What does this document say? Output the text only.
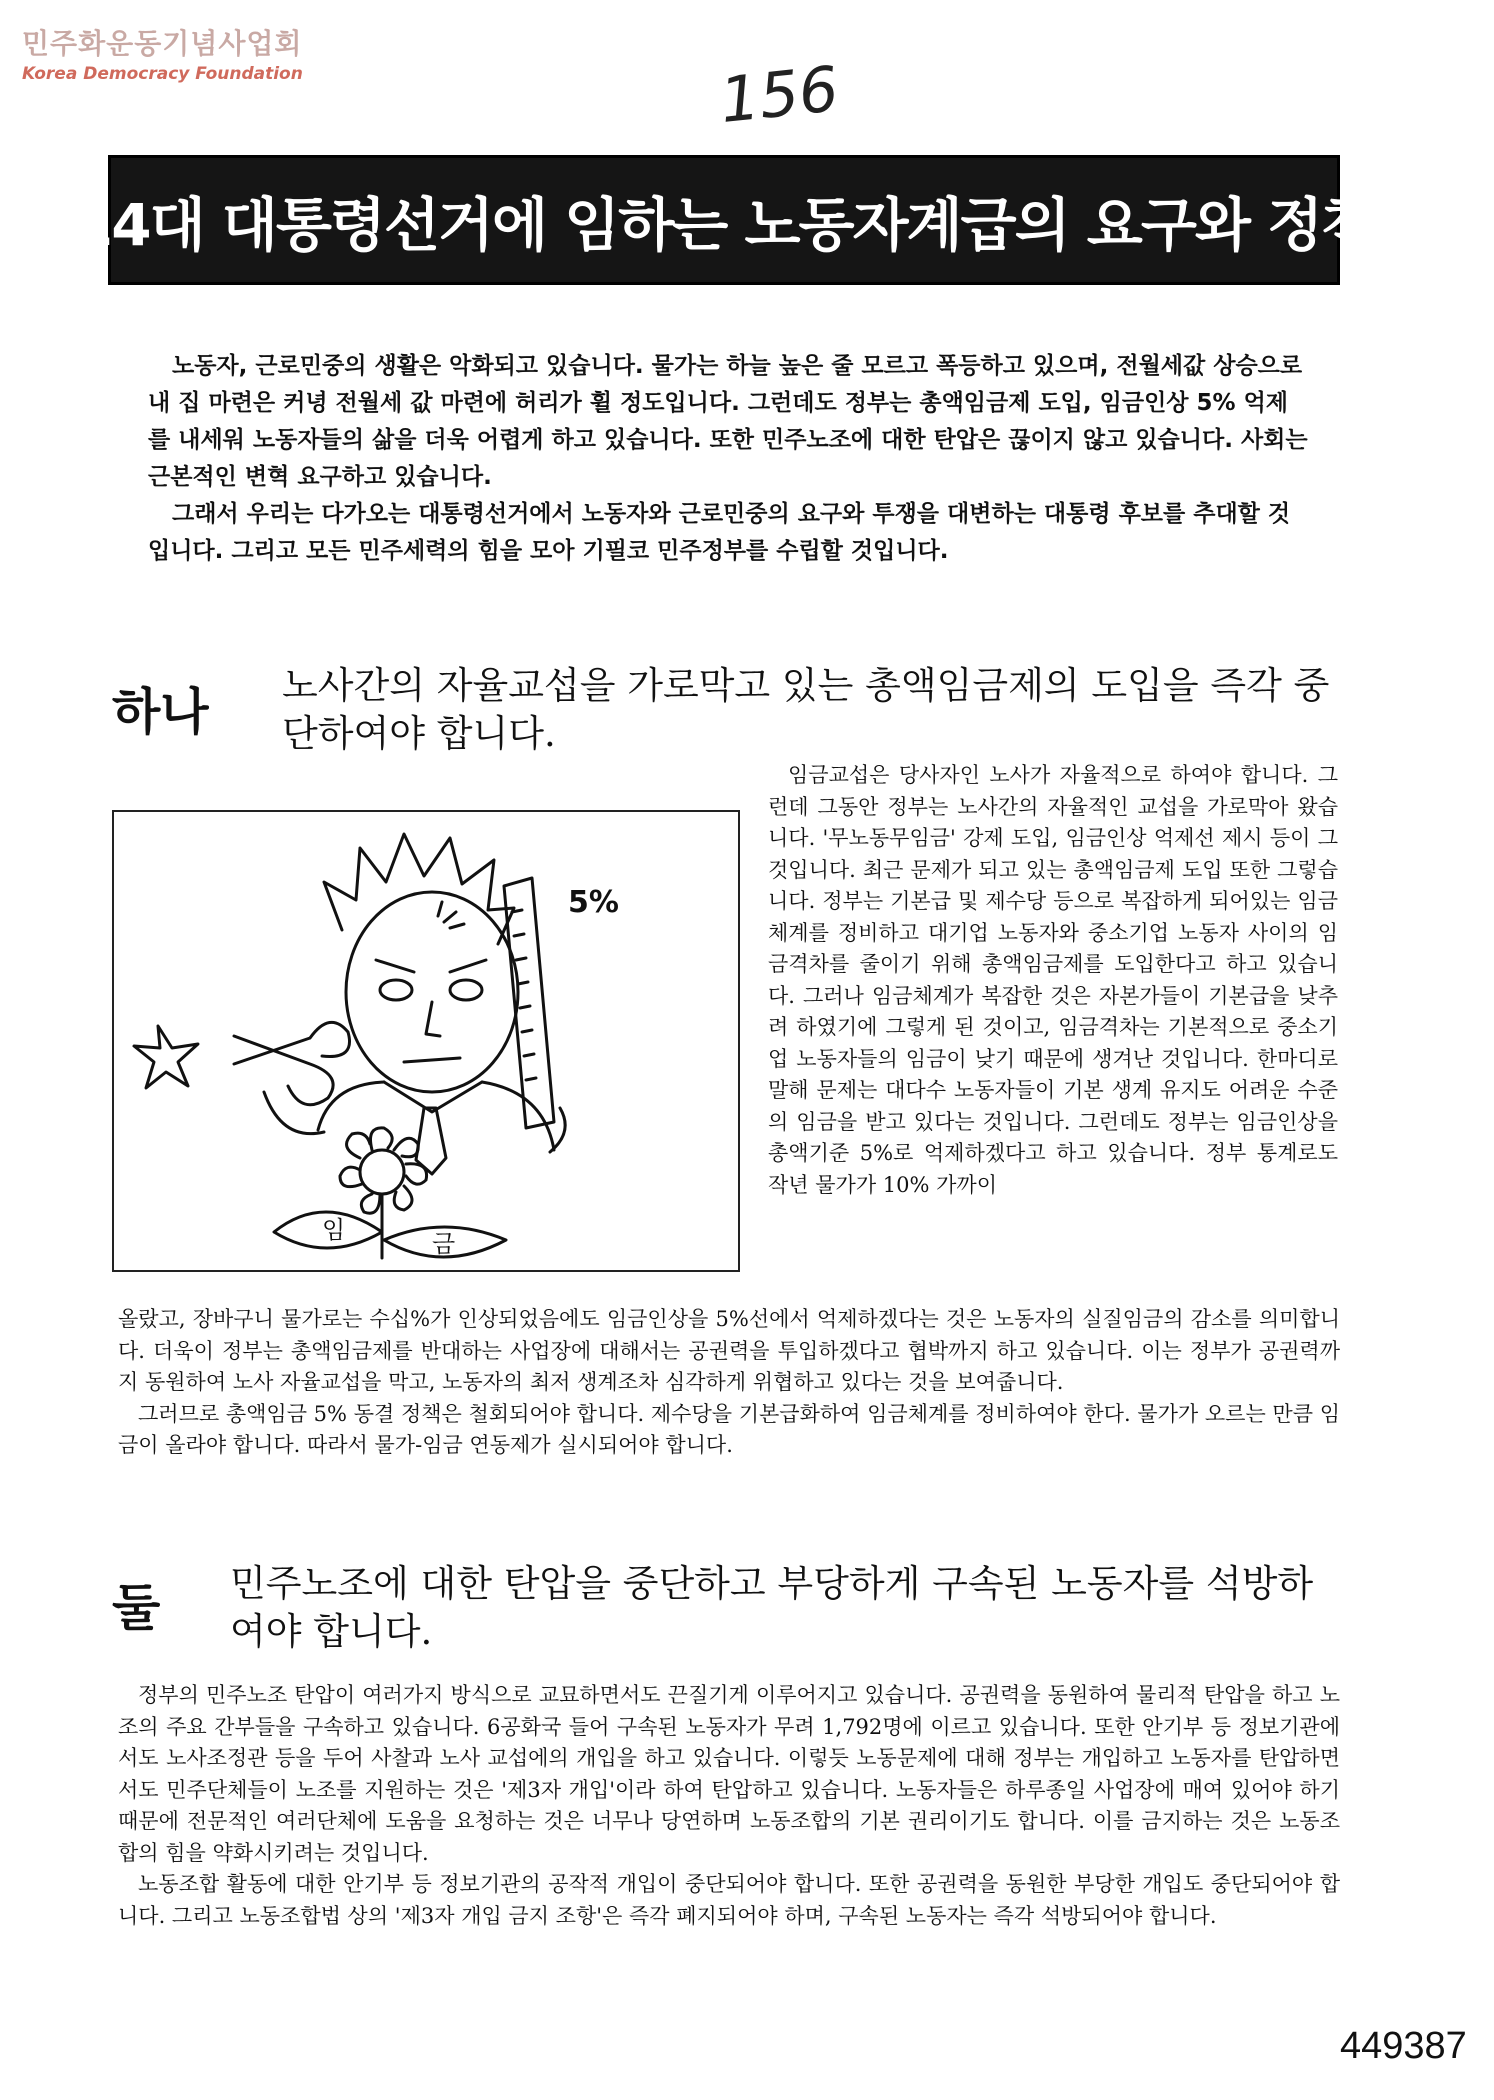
민주화운동기념사업회
Korea Democracy Foundation	156
14대 대통령선거에 임하는 노동자계급의 요구와 정책

노동자, 근로민중의 생활은 악화되고 있습니다. 물가는 하늘 높은 줄 모르고 폭등하고 있으며, 전월세값 상승으로 내 집 마련은 커녕 전월세 값 마련에 허리가 휠 정도입니다. 그런데도 정부는 총액임금제 도입, 임금인상 5% 억제를 내세워 노동자들의 삶을 더욱 어렵게 하고 있습니다. 또한 민주노조에 대한 탄압은 끊이지 않고 있습니다. 사회는 근본적인 변혁 요구하고 있습니다.

그래서 우리는 다가오는 대통령선거에서 노동자와 근로민중의 요구와 투쟁을 대변하는 대통령 후보를 추대할 것입니다. 그리고 모든 민주세력의 힘을 모아 기필코 민주정부를 수립할 것입니다.

하나 노사간의 자율교섭을 가로막고 있는 총액임금제의 도입을 즉각 중단하여야 합니다.
5%
임	금

임금교섭은 당사자인 노사가 자율적으로 하여야 합니다. 그런데 그동안 정부는 노사간의 자율적인 교섭을 가로막아 왔습니다. '무노동무임금' 강제 도입, 임금인상 억제선 제시 등이 그것입니다. 최근 문제가 되고 있는 총액임금제 도입 또한 그렇습니다. 정부는 기본급 및 제수당 등으로 복잡하게 되어있는 임금체계를 정비하고 대기업 노동자와 중소기업 노동자 사이의 임금격차를 줄이기 위해 총액임금제를 도입한다고 하고 있습니다. 그러나 임금체계가 복잡한 것은 자본가들이 기본급을 낮추려 하였기에 그렇게 된 것이고, 임금격차는 기본적으로 중소기업 노동자들의 임금이 낮기 때문에 생겨난 것입니다. 한마디로 말해 문제는 대다수 노동자들이 기본 생계 유지도 어려운 수준의 임금을 받고 있다는 것입니다. 그런데도 정부는 임금인상을 총액기준 5%로 억제하겠다고 하고 있습니다. 정부 통계로도 작년 물가가 10% 가까이

올랐고, 장바구니 물가로는 수십%가 인상되었음에도 임금인상을 5%선에서 억제하겠다는 것은 노동자의 실질임금의 감소를 의미합니다. 더욱이 정부는 총액임금제를 반대하는 사업장에 대해서는 공권력을 투입하겠다고 협박까지 하고 있습니다. 이는 정부가 공권력까지 동원하여 노사 자율교섭을 막고, 노동자의 최저 생계조차 심각하게 위협하고 있다는 것을 보여줍니다.

그러므로 총액임금 5% 동결 정책은 철회되어야 합니다. 제수당을 기본급화하여 임금체계를 정비하여야 한다. 물가가 오르는 만큼 임금이 올라야 합니다. 따라서 물가-임금 연동제가 실시되어야 합니다.

둘 민주노조에 대한 탄압을 중단하고 부당하게 구속된 노동자를 석방하여야 합니다.

정부의 민주노조 탄압이 여러가지 방식으로 교묘하면서도 끈질기게 이루어지고 있습니다. 공권력을 동원하여 물리적 탄압을 하고 노조의 주요 간부들을 구속하고 있습니다. 6공화국 들어 구속된 노동자가 무려 1,792명에 이르고 있습니다. 또한 안기부 등 정보기관에서도 노사조정관 등을 두어 사찰과 노사 교섭에의 개입을 하고 있습니다. 이렇듯 노동문제에 대해 정부는 개입하고 노동자를 탄압하면서도 민주단체들이 노조를 지원하는 것은 '제3자 개입'이라 하여 탄압하고 있습니다. 노동자들은 하루종일 사업장에 매여 있어야 하기 때문에 전문적인 여러단체에 도움을 요청하는 것은 너무나 당연하며 노동조합의 기본 권리이기도 합니다. 이를 금지하는 것은 노동조합의 힘을 약화시키려는 것입니다.

노동조합 활동에 대한 안기부 등 정보기관의 공작적 개입이 중단되어야 합니다. 또한 공권력을 동원한 부당한 개입도 중단되어야 합니다. 그리고 노동조합법 상의 '제3자 개입 금지 조항'은 즉각 폐지되어야 하며, 구속된 노동자는 즉각 석방되어야 합니다.

449387
